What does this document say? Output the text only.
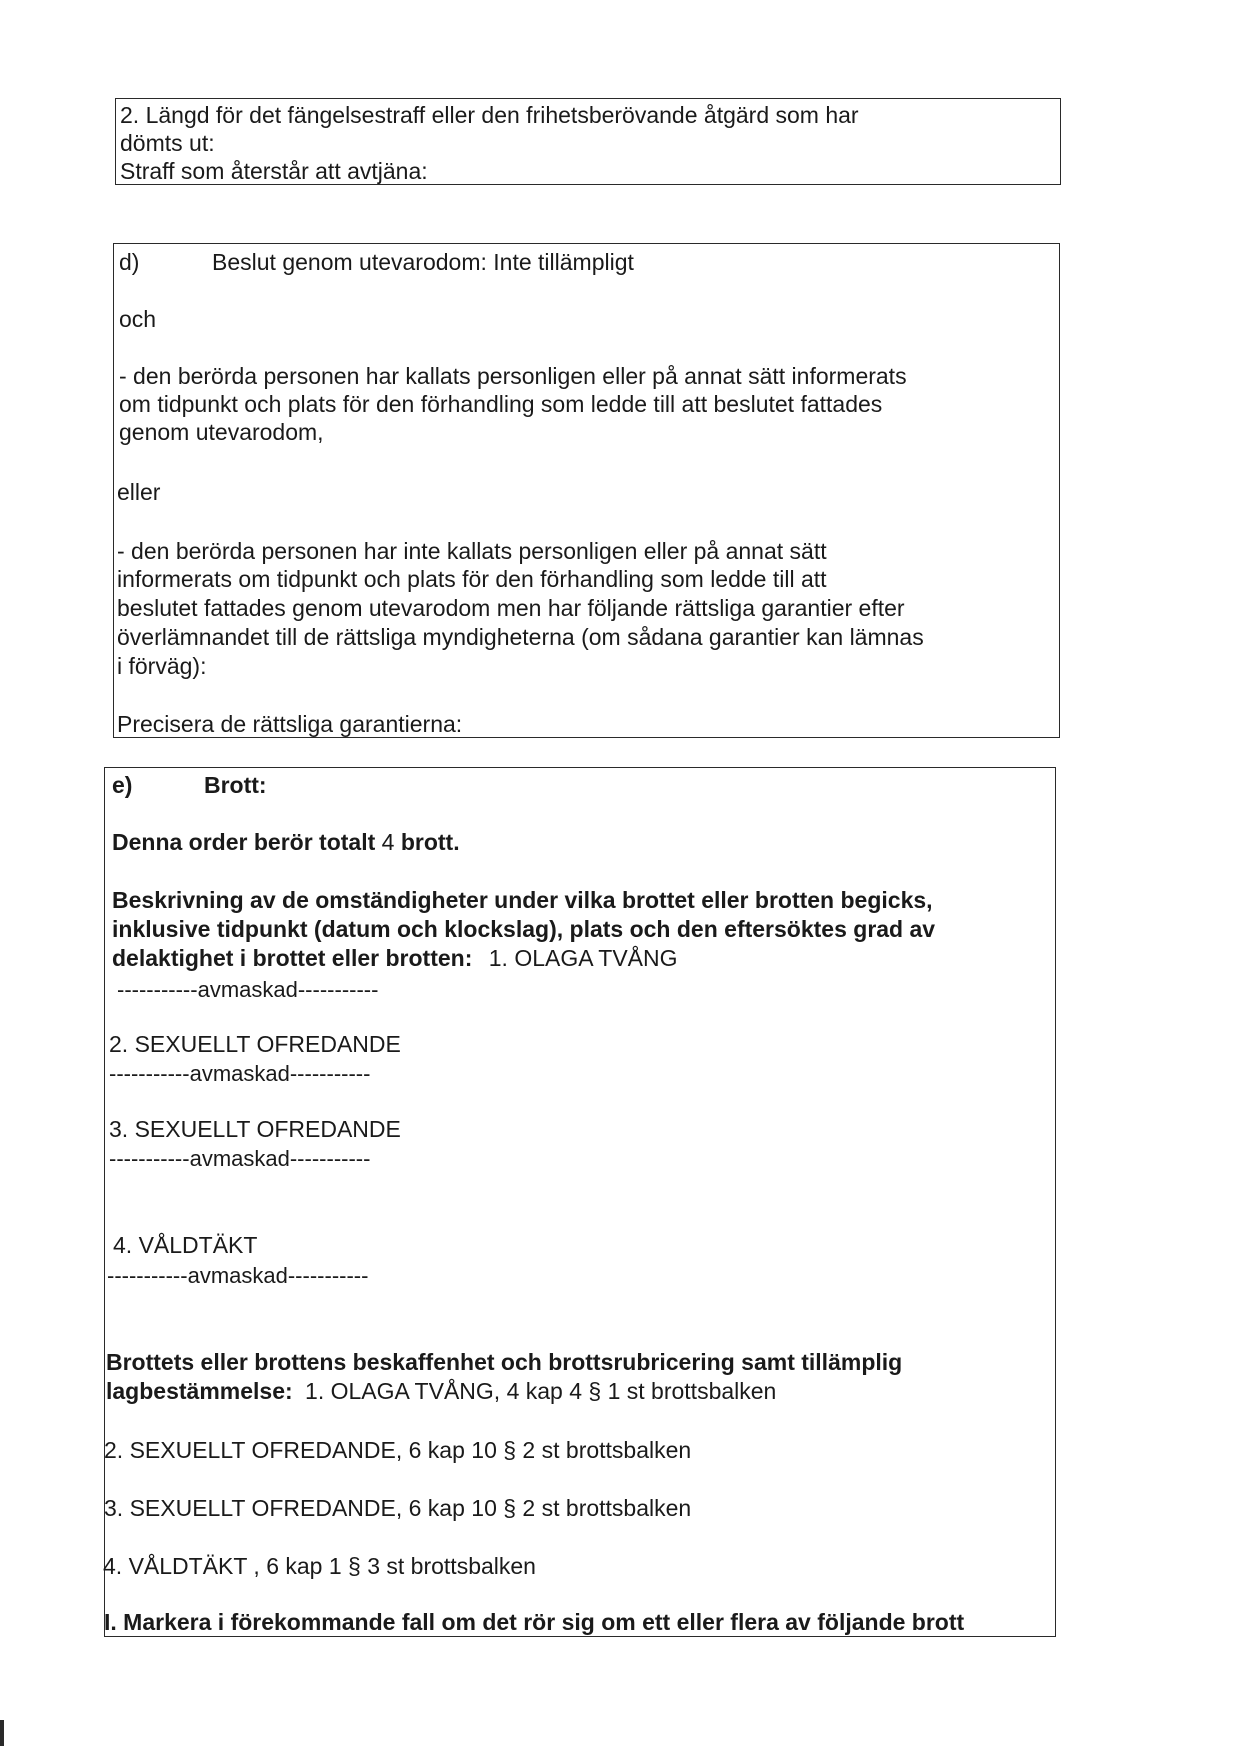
2. Längd för det fängelsestraff eller den frihetsberövande åtgärd som har
dömts ut:
Straff som återstår att avtjäna:
d)	Beslut genom utevarodom: Inte tillämpligt
och
- den berörda personen har kallats personligen eller på annat sätt informerats
om tidpunkt och plats för den förhandling som ledde till att beslutet fattades
genom utevarodom,
eller
- den berörda personen har inte kallats personligen eller på annat sätt
informerats om tidpunkt och plats för den förhandling som ledde till att
beslutet fattades genom utevarodom men har följande rättsliga garantier efter
överlämnandet till de rättsliga myndigheterna (om sådana garantier kan lämnas
i förväg):
Precisera de rättsliga garantierna:
e)	Brott:
Denna order berör totalt 4 brott.
Beskrivning av de omständigheter under vilka brottet eller brotten begicks,
inklusive tidpunkt (datum och klockslag), plats och den eftersöktes grad av
delaktighet i brottet eller brotten: 1. OLAGA TVÅNG
-----------avmaskad-----------
2. SEXUELLT OFREDANDE
-----------avmaskad-----------
3. SEXUELLT OFREDANDE
-----------avmaskad-----------
4. VÅLDTÄKT
-----------avmaskad-----------
Brottets eller brottens beskaffenhet och brottsrubricering samt tillämplig
lagbestämmelse: 1. OLAGA TVÅNG, 4 kap 4 § 1 st brottsbalken
2. SEXUELLT OFREDANDE, 6 kap 10 § 2 st brottsbalken
3. SEXUELLT OFREDANDE, 6 kap 10 § 2 st brottsbalken
4. VÅLDTÄKT , 6 kap 1 § 3 st brottsbalken
I. Markera i förekommande fall om det rör sig om ett eller flera av följande brott
